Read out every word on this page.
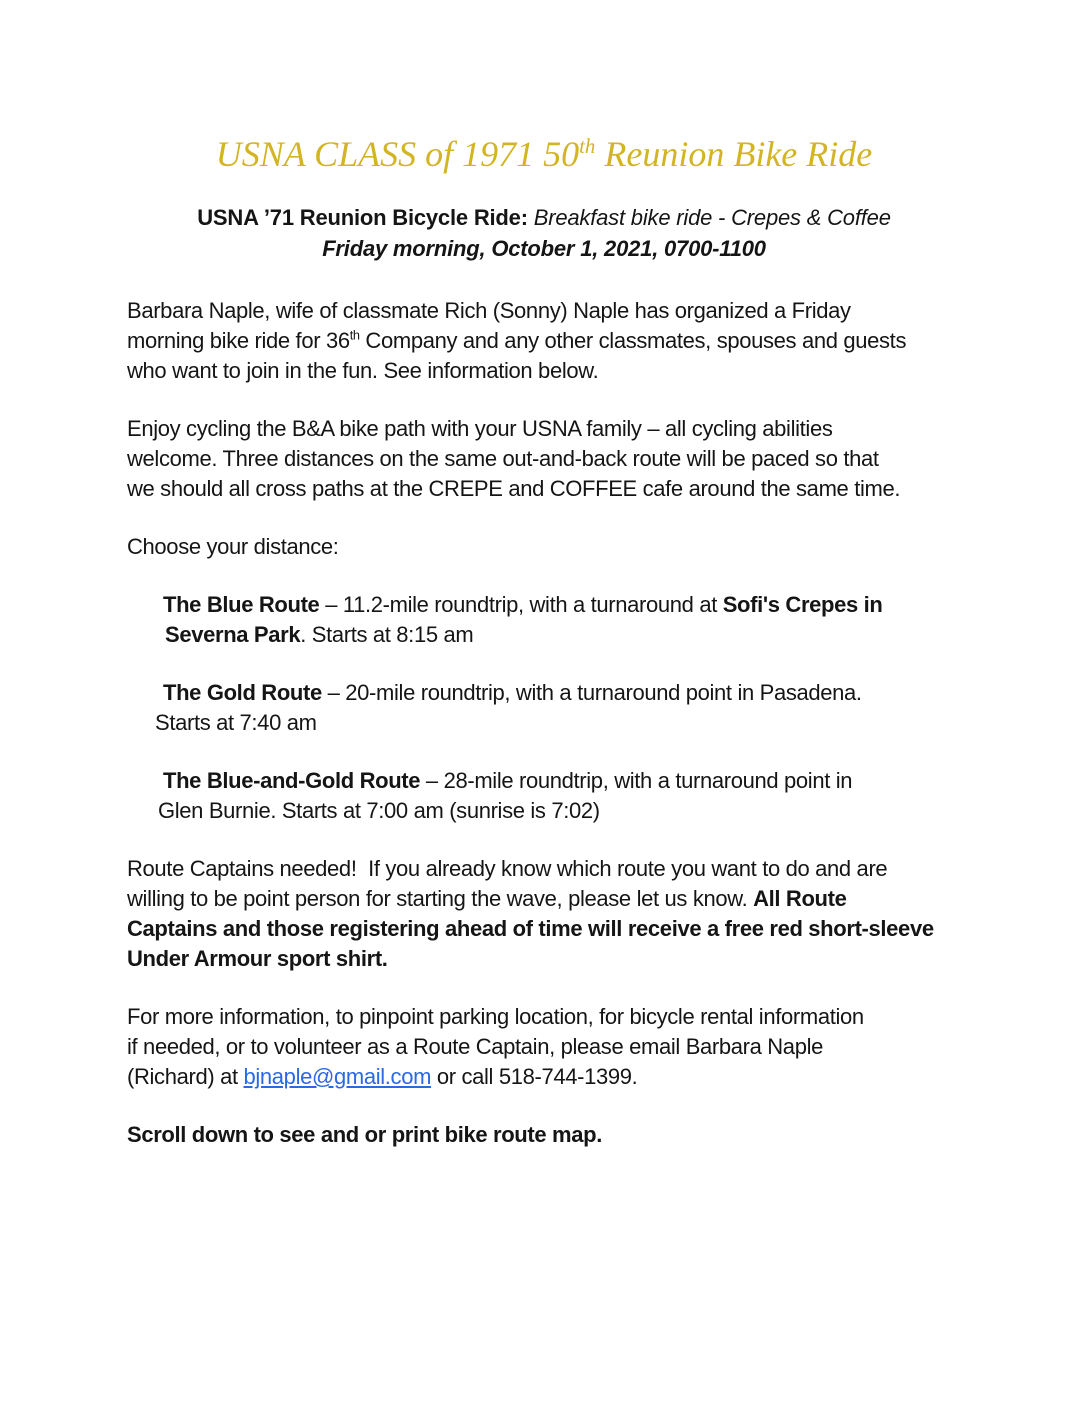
USNA CLASS of 1971 50th Reunion Bike Ride
USNA ’71 Reunion Bicycle Ride: Breakfast bike ride - Crepes & Coffee
Friday morning, October 1, 2021, 0700-1100
Barbara Naple, wife of classmate Rich (Sonny) Naple has organized a Friday
morning bike ride for 36th Company and any other classmates, spouses and guests
who want to join in the fun. See information below.
Enjoy cycling the B&A bike path with your USNA family – all cycling abilities
welcome. Three distances on the same out-and-back route will be paced so that
we should all cross paths at the CREPE and COFFEE cafe around the same time.
Choose your distance:
The Blue Route – 11.2-mile roundtrip, with a turnaround at Sofi's Crepes in
Severna Park. Starts at 8:15 am
The Gold Route – 20-mile roundtrip, with a turnaround point in Pasadena.
Starts at 7:40 am
The Blue-and-Gold Route – 28-mile roundtrip, with a turnaround point in
Glen Burnie. Starts at 7:00 am (sunrise is 7:02)
Route Captains needed!  If you already know which route you want to do and are
willing to be point person for starting the wave, please let us know. All Route
Captains and those registering ahead of time will receive a free red short-sleeve
Under Armour sport shirt.
For more information, to pinpoint parking location, for bicycle rental information
if needed, or to volunteer as a Route Captain, please email Barbara Naple
(Richard) at bjnaple@gmail.com or call 518-744-1399.
Scroll down to see and or print bike route map.
